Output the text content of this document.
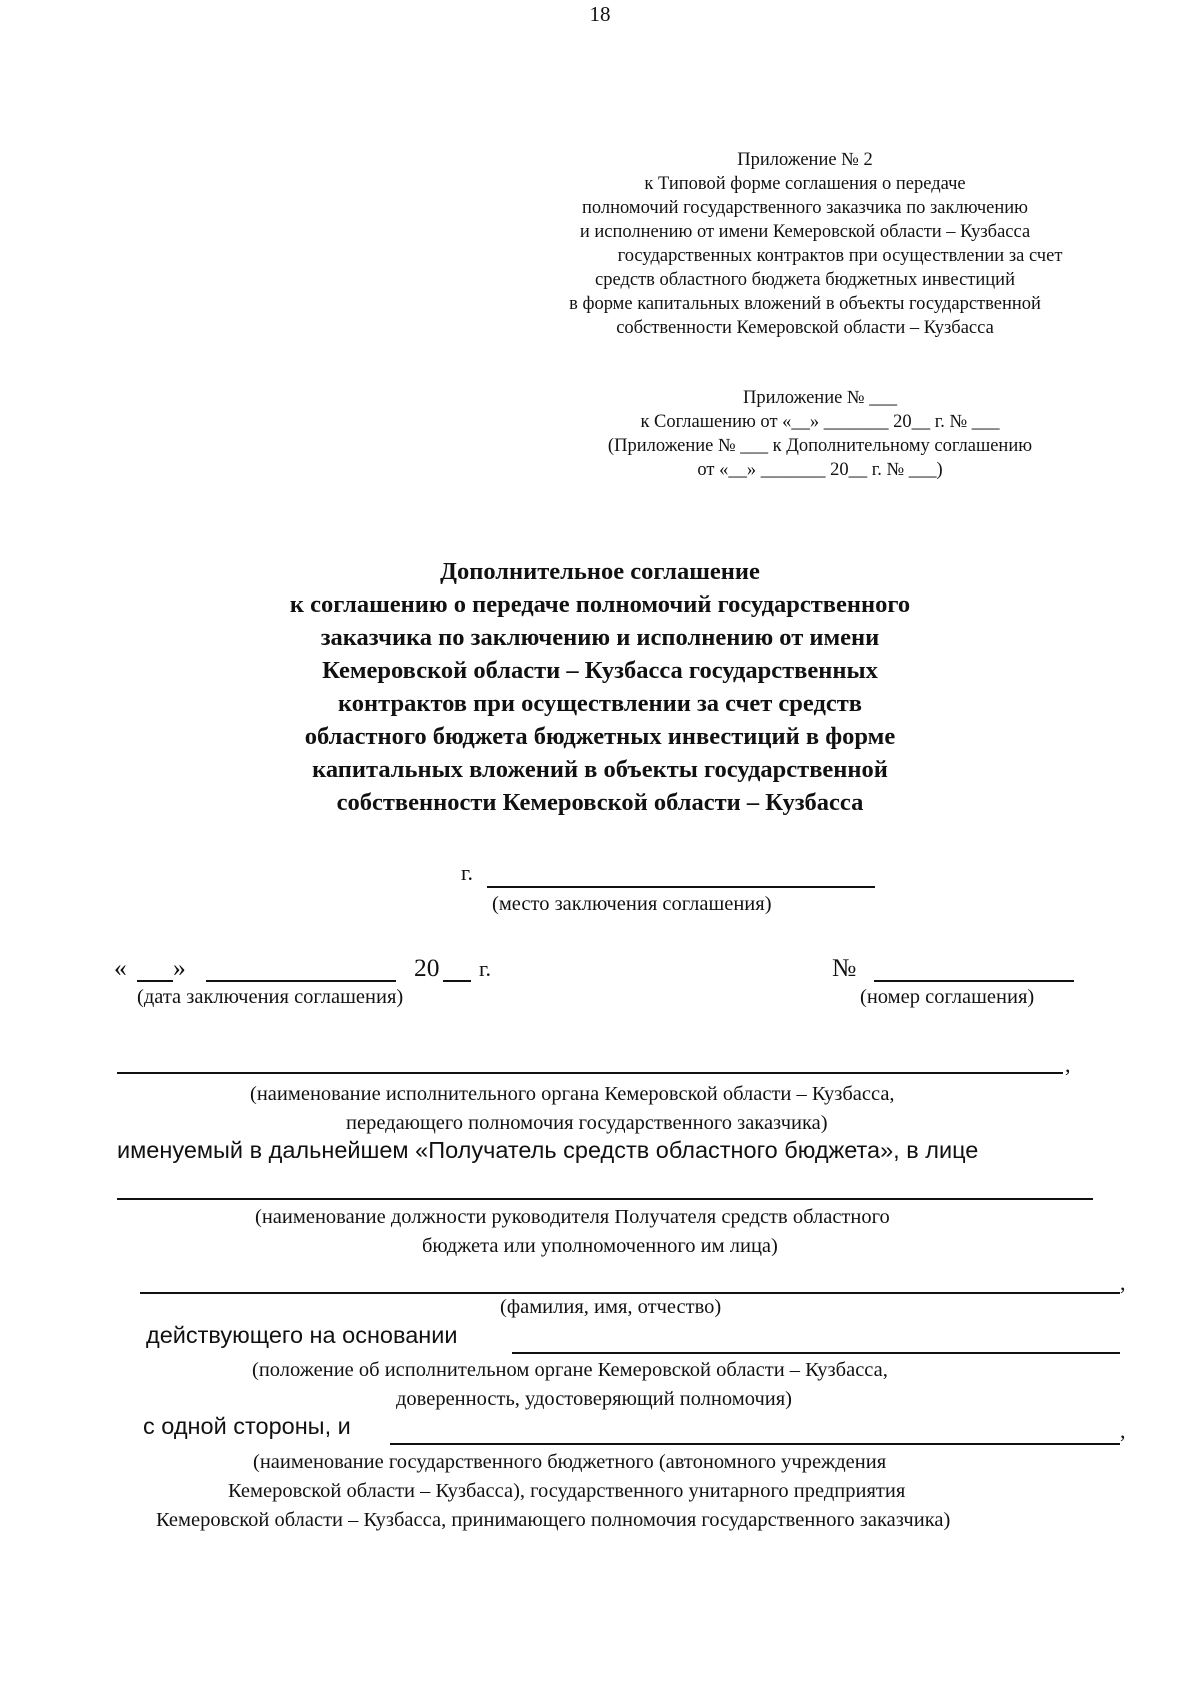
18
Приложение № 2
к Типовой форме соглашения о передаче
полномочий государственного заказчика по заключению
и исполнению от имени Кемеровской области – Кузбасса
государственных контрактов при осуществлении за счет
средств областного бюджета бюджетных инвестиций
в форме капитальных вложений в объекты государственной
собственности Кемеровской области – Кузбасса
Приложение № ___
к Соглашению от «__» _______ 20__ г. № ___
(Приложение № ___ к Дополнительному соглашению
от «__» _______ 20__ г. № ___)
Дополнительное соглашение
к соглашению о передаче полномочий государственного
заказчика по заключению и исполнению от имени
Кемеровской области – Кузбасса государственных
контрактов при осуществлении за счет средств
областного бюджета бюджетных инвестиций в форме
капитальных вложений в объекты государственной
собственности Кемеровской области – Кузбасса
г.
(место заключения соглашения)
« »	20 г.
(дата заключения соглашения)
№
(номер соглашения)
,
(наименование исполнительного органа Кемеровской области – Кузбасса,
передающего полномочия государственного заказчика)
именуемый в дальнейшем «Получатель средств областного бюджета», в лице
(наименование должности руководителя Получателя средств областного
бюджета или уполномоченного им лица)
,
(фамилия, имя, отчество)
действующего на основании
(положение об исполнительном органе Кемеровской области – Кузбасса,
доверенность, удостоверяющий полномочия)
с одной стороны, и	,
(наименование государственного бюджетного (автономного учреждения
Кемеровской области – Кузбасса), государственного унитарного предприятия
Кемеровской области – Кузбасса, принимающего полномочия государственного заказчика)
